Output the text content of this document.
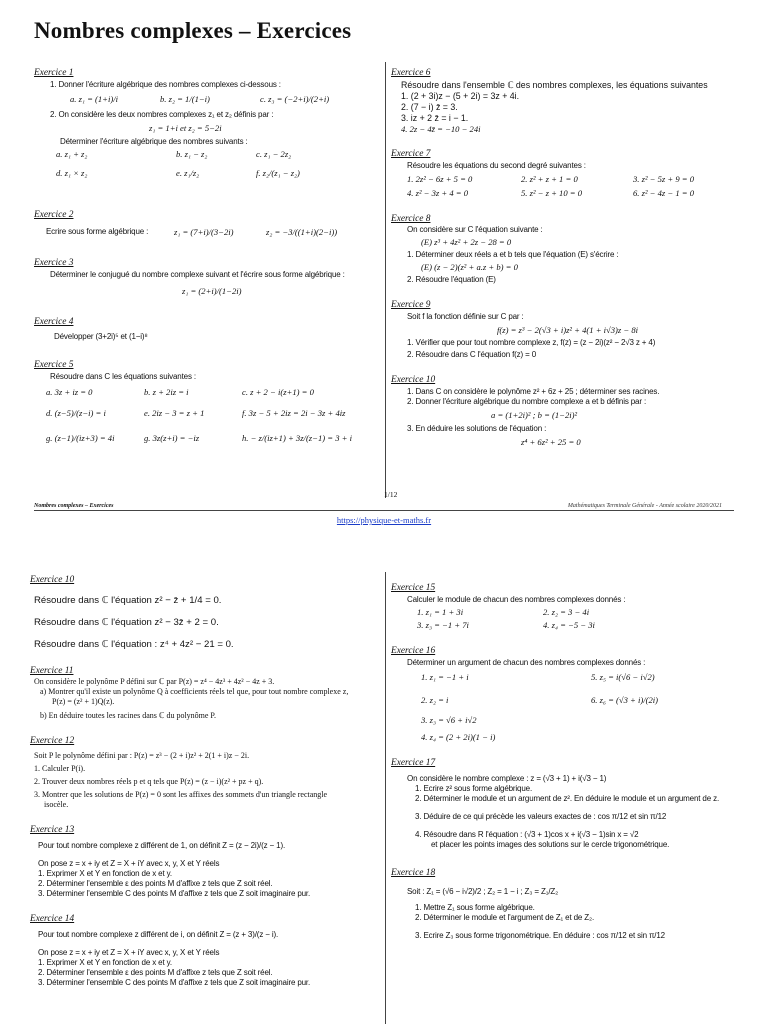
Nombres complexes – Exercices

Exercice 1

1. Donner l'écriture algébrique des nombres complexes ci-dessous :

a. z₁ = (1+i)/i	b. z₂ = 1/(1−i)	c. z₃ = (−2+i)/(2+i)

2. On considère les deux nombres complexes z₁ et z₂ définis par :

z₁ = 1+i et z₂ = 5−2i

Déterminer l'écriture algébrique des nombres suivants :

a. z₁ + z₂	b. z₁ − z₂	c. z₁ − 2z₂
d. z₁ × z₂	e. z₁/z₂	f. z₂/(z₁ − z₂)

Exercice 2

Ecrire sous forme algébrique :	z₁ = (7+i)/(3−2i)	z₂ = −3/((1+i)(2−i))

Exercice 3

Déterminer le conjugué du nombre complexe suivant et l'écrire sous forme algébrique :

z₁ = (2+i)/(1−2i)

Exercice 4

Développer (3+2i)⁵ et (1−i)⁸

Exercice 5

Résoudre dans C les équations suivantes :

a. 3z + iz = 0	b. z + 2iz = i	c. z + 2 − i(z+1) = 0
d. (z−5)/(z−i) = i	e. 2iz − 3 = z + 1	f. 3z − 5 + 2iz = 2i − 3z + 4iz
g. (z−1)/(iz+3) = 4i	g. 3z(z+i) = −iz	h. − z/(iz+1) + 3z/(z−1) = 3 + i

Exercice 6

Résoudre dans l'ensemble ℂ des nombres complexes, les équations suivantes

1. (2 + 3i)z − (5 + 2i) = 3z + 4i.

2. (7 − i) z̄ = 3.

3. iz + 2 z̄ = i − 1.

4. 2z − 4z̄ = −10 − 24i

Exercice 7

Résoudre les équations du second degré suivantes :

1. 2z² − 6z + 5 = 0	2. z² + z + 1 = 0	3. z² − 5z + 9 = 0
4. z² − 3z + 4 = 0	5. z² − z + 10 = 0	6. z² − 4z − 1 = 0

Exercice 8

On considère sur C l'équation suivante :

(E) z³ + 4z² + 2z − 28 = 0

1. Déterminer deux réels a et b tels que l'équation (E) s'écrire :

(E) (z − 2)(z² + a.z + b) = 0

2. Résoudre l'équation (E)

Exercice 9

Soit f la fonction définie sur C par :

f(z) = z³ − 2(√3 + i)z² + 4(1 + i√3)z − 8i

1. Vérifier que pour tout nombre complexe z, f(z) = (z − 2i)(z² − 2√3 z + 4)

2. Résoudre dans C l'équation f(z) = 0

Exercice 10

1. Dans C on considère le polynôme z² + 6z + 25 ; déterminer ses racines.

2. Donner l'écriture algébrique du nombre complexe a et b définis par :

a = (1+2i)² ; b = (1−2i)²

3. En déduire les solutions de l'équation :

z⁴ + 6z² + 25 = 0

1/12
Nombres complexes – Exercices	Mathématiques Terminale Générale - Année scolaire 2020/2021
https://physique-et-maths.fr

Exercice 10

Résoudre dans ℂ l'équation z² − z̄ + 1/4 = 0.

Résoudre dans ℂ l'équation z² − 3z̄ + 2 = 0.

Résoudre dans ℂ l'équation : z⁴ + 4z² − 21 = 0.

Exercice 11

On considère le polynôme P défini sur ℂ par P(z) = z⁴ − 4z³ + 4z² − 4z + 3.

a) Montrer qu'il existe un polynôme Q à coefficients réels tel que, pour tout nombre complexe z,

P(z) = (z² + 1)Q(z).

b) En déduire toutes les racines dans ℂ du polynôme P.

Exercice 12

Soit P le polynôme défini par : P(z) = z³ − (2 + i)z² + 2(1 + i)z − 2i.

1. Calculer P(i).

2. Trouver deux nombres réels p et q tels que P(z) = (z − i)(z² + pz + q).

3. Montrer que les solutions de P(z) = 0 sont les affixes des sommets d'un triangle rectangle

isocèle.

Exercice 13

Pour tout nombre complexe z différent de 1, on définit Z = (z − 2i)/(z − 1).

On pose z = x + iy et Z = X + iY avec x, y, X et Y réels

1. Exprimer X et Y en fonction de x et y.

2. Déterminer l'ensemble ε des points M d'affixe z tels que Z soit réel.

3. Déterminer l'ensemble C des points M d'affixe z tels que Z soit imaginaire pur.

Exercice 14

Pour tout nombre complexe z différent de i, on définit Z = (z + 3)/(z − i).

On pose z = x + iy et Z = X + iY avec x, y, X et Y réels

1. Exprimer X et Y en fonction de x et y.

2. Déterminer l'ensemble ε des points M d'affixe z tels que Z soit réel.

3. Déterminer l'ensemble C des points M d'affixe z tels que Z soit imaginaire pur.

Exercice 15

Calculer le module de chacun des nombres complexes donnés :

1. z₁ = 1 + 3i	2. z₂ = 3 − 4i
3. z₃ = −1 + 7i	4. z₄ = −5 − 3i

Exercice 16

Déterminer un argument de chacun des nombres complexes donnés :

1. z₁ = −1 + i	5. z₅ = i(√6 − i√2)
2. z₂ = i	6. z₆ = (√3 + i)/(2i)

3. z₃ = √6 + i√2

4. z₄ = (2 + 2i)(1 − i)

Exercice 17

On considère le nombre complexe : z = (√3 + 1) + i(√3 − 1)

1. Ecrire z² sous forme algébrique.

2. Déterminer le module et un argument de z². En déduire le module et un argument de z.

3. Déduire de ce qui précède les valeurs exactes de : cos π/12 et sin π/12

4. Résoudre dans R l'équation : (√3 + 1)cos x + i(√3 − 1)sin x = √2

et placer les points images des solutions sur le cercle trigonométrique.

Exercice 18

Soit : Z₁ = (√6 − i√2)/2 ; Z₂ = 1 − i ; Z₃ = Z₁/Z₂

1. Mettre Z₁ sous forme algébrique.

2. Déterminer le module et l'argument de Z₁ et de Z₂.

3. Ecrire Z₃ sous forme trigonométrique. En déduire : cos π/12 et sin π/12
